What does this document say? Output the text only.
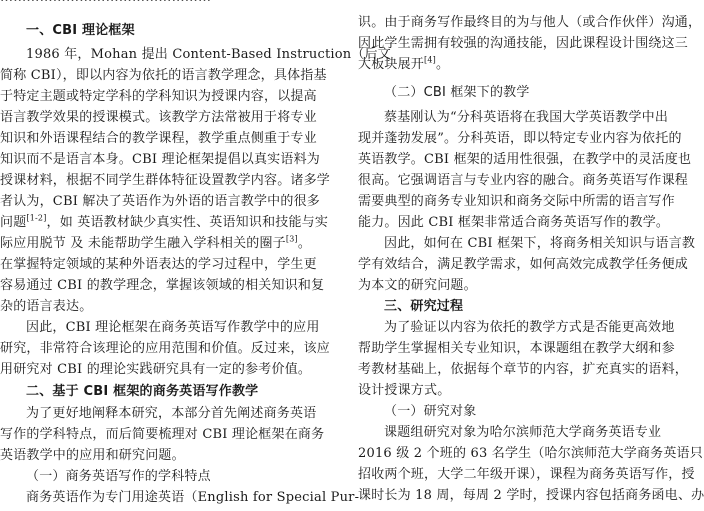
一、CBI 理论框架
1986 年，Mohan 提出 Content-Based Instruction（后文
简称 CBI），即以内容为依托的语言教学理念，具体指基
于特定主题或特定学科的学科知识为授课内容，以提高
语言教学效果的授课模式。该教学方法常被用于将专业
知识和外语课程结合的教学课程，教学重点侧重于专业
知识而不是语言本身。CBI 理论框架提倡以真实语料为
授课材料，根据不同学生群体特征设置教学内容。诸多学
者认为，CBI 解决了英语作为外语的语言教学中的很多
问题[1-2]，如 英语教材缺少真实性、英语知识和技能与实
际应用脱节 及 未能帮助学生融入学科相关的圈子[3]。
在掌握特定领域的某种外语表达的学习过程中，学生更
容易通过 CBI 的教学理念，掌握该领域的相关知识和复
杂的语言表达。
因此，CBI 理论框架在商务英语写作教学中的应用
研究，非常符合该理论的应用范围和价值。反过来，该应
用研究对 CBI 的理论实践研究具有一定的参考价值。
二、基于 CBI 框架的商务英语写作教学
为了更好地阐释本研究，本部分首先阐述商务英语
写作的学科特点，而后简要梳理对 CBI 理论框架在商务
英语教学中的应用和研究问题。
（一）商务英语写作的学科特点
商务英语作为专门用途英语（English for Special Pur-
识。由于商务写作最终目的为与他人（或合作伙伴）沟通，
因此学生需拥有较强的沟通技能，因此课程设计围绕这三
大板块展开[4]。
（二）CBI 框架下的教学
蔡基刚认为“分科英语将在我国大学英语教学中出
现并蓬勃发展”。分科英语，即以特定专业内容为依托的
英语教学。CBI 框架的适用性很强，在教学中的灵活度也
很高。它强调语言与专业内容的融合。商务英语写作课程
需要典型的商务专业知识和商务交际中所需的语言写作
能力。因此 CBI 框架非常适合商务英语写作的教学。
因此，如何在 CBI 框架下，将商务相关知识与语言教
学有效结合，满足教学需求，如何高效完成教学任务便成
为本文的研究问题。
三、研究过程
为了验证以内容为依托的教学方式是否能更高效地
帮助学生掌握相关专业知识，本课题组在教学大纲和参
考教材基础上，依据每个章节的内容，扩充真实的语料，
设计授课方式。
（一）研究对象
课题组研究对象为哈尔滨师范大学商务英语专业
2016 级 2 个班的 63 名学生（哈尔滨师范大学商务英语只
招收两个班，大学二年级开课），课程为商务英语写作，授
课时长为 18 周，每周 2 学时，授课内容包括商务函电、办
